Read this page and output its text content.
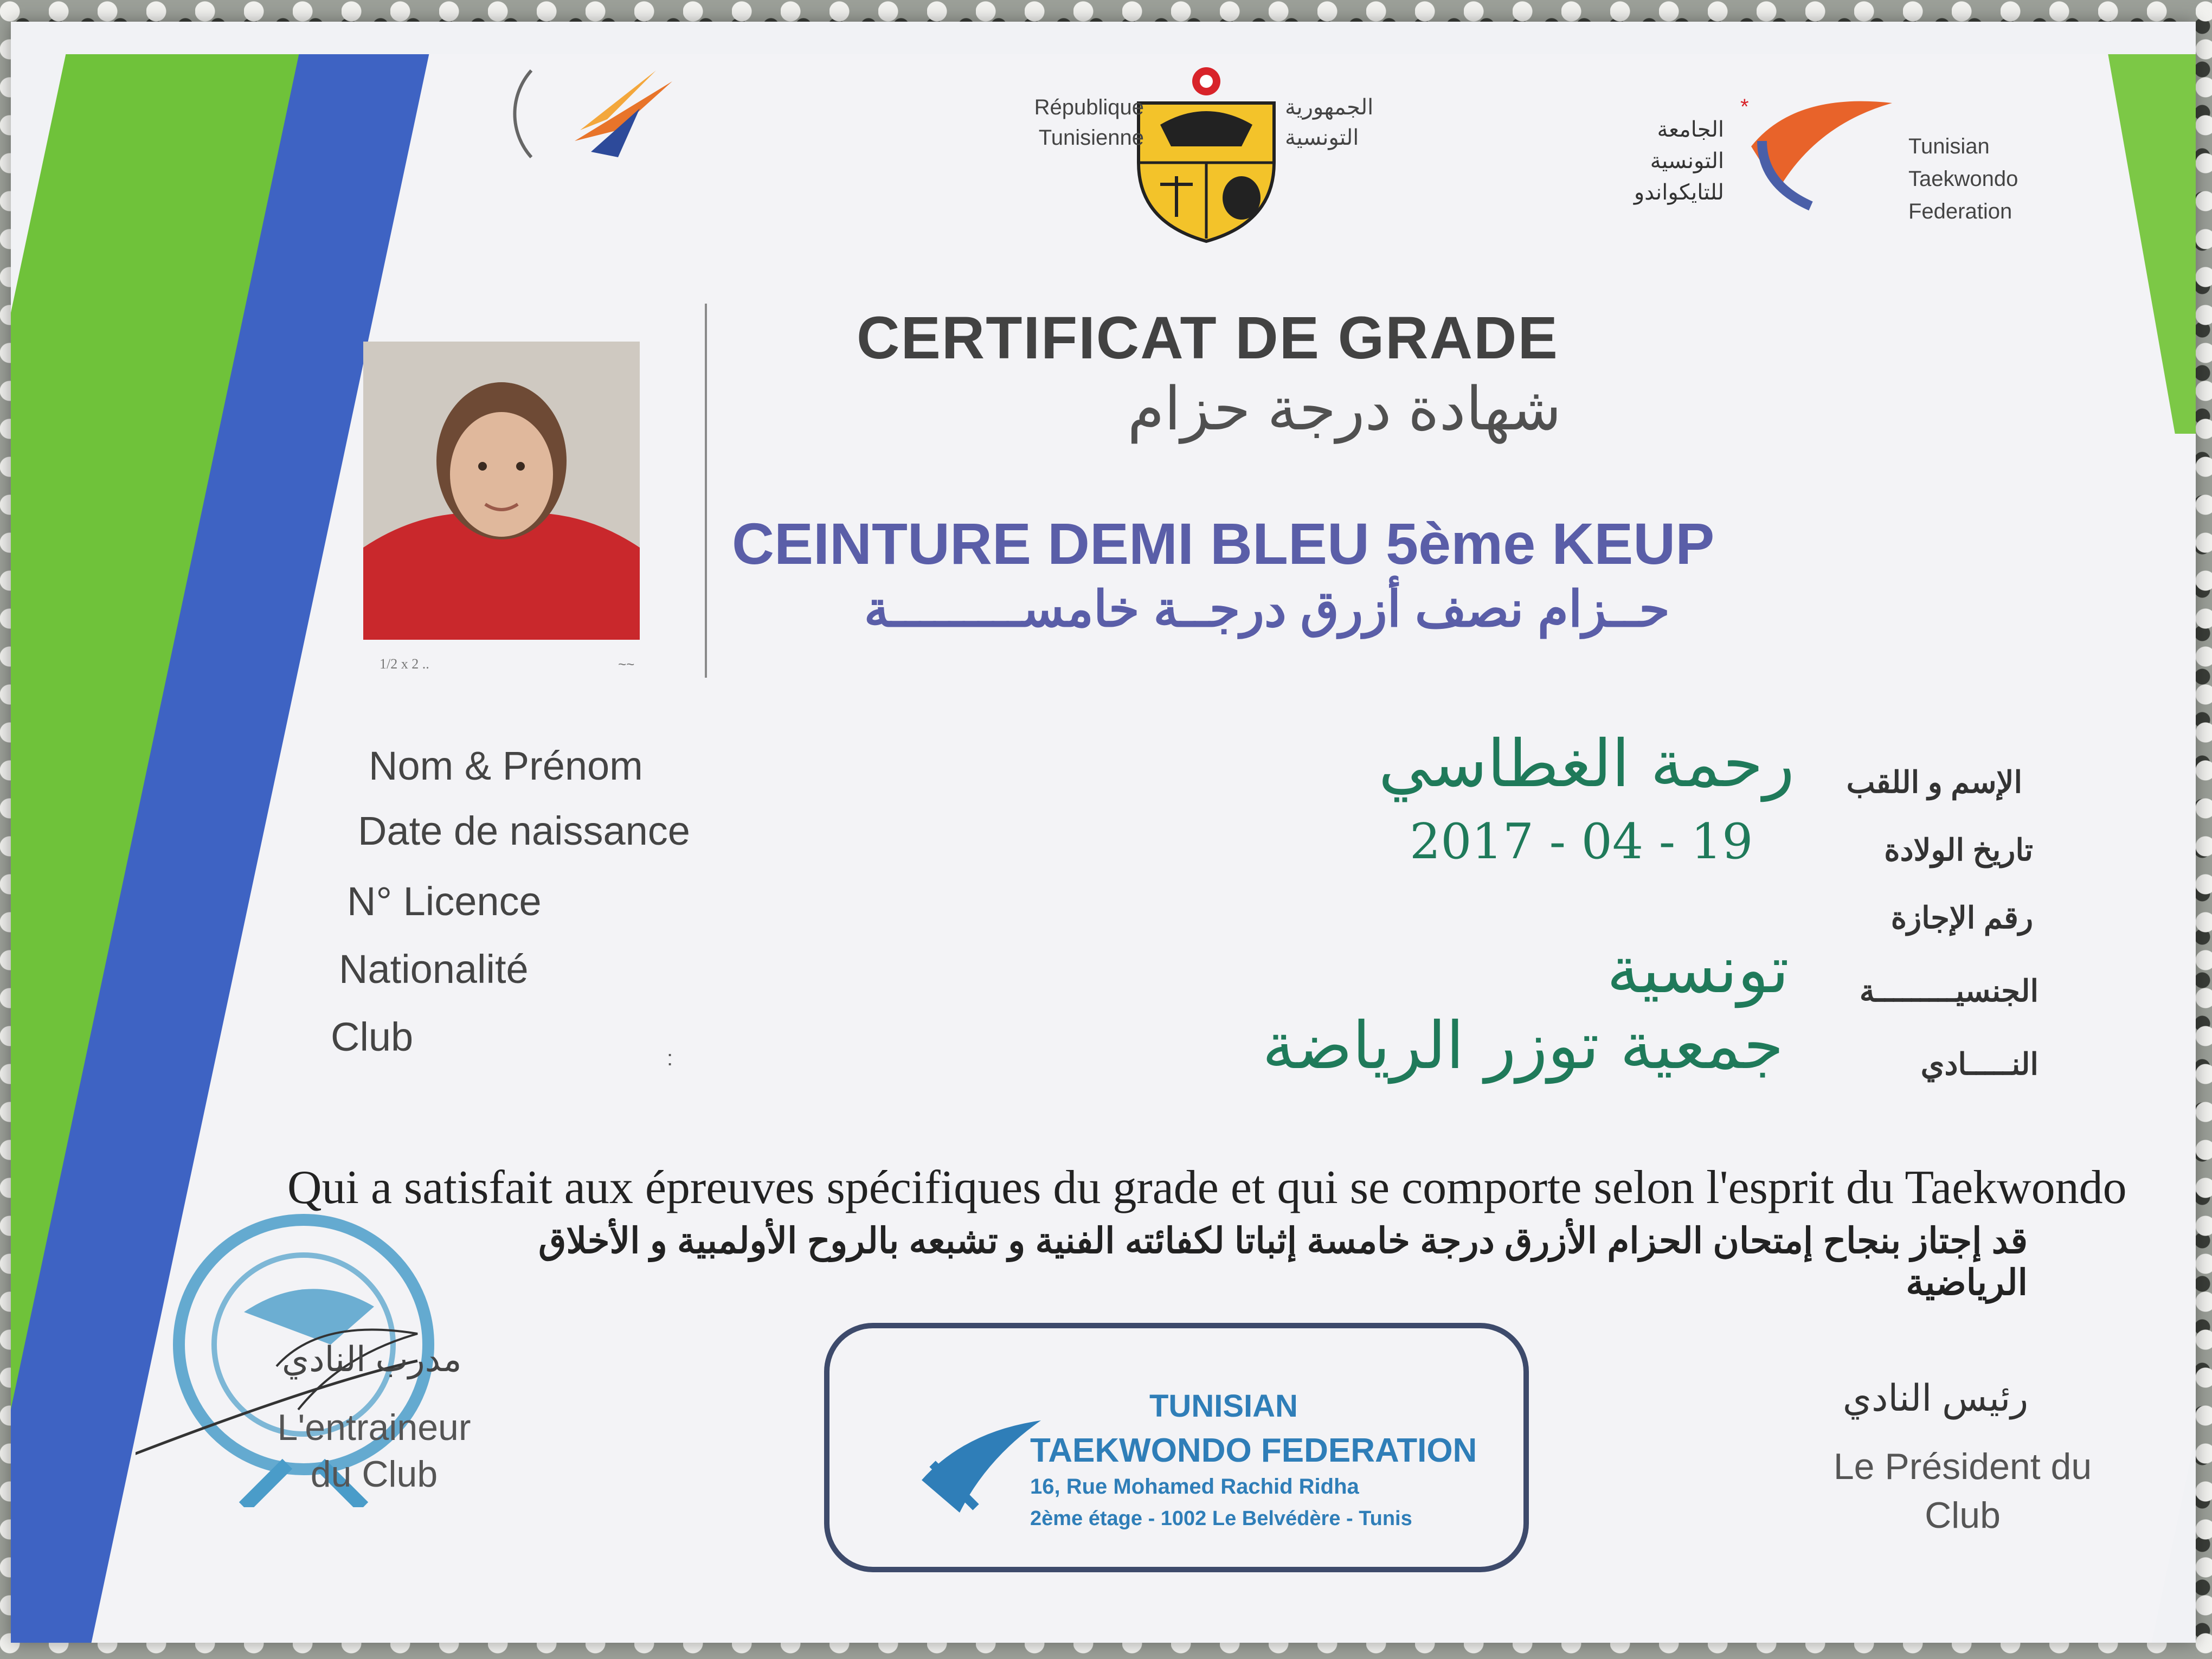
République
Tunisienne
الجمهورية
التونسية	الجامعة
التونسية
للتايكواندو
*
Tunisian
Taekwondo
Federation
1/2 x 2 ..	~~
CERTIFICAT DE GRADE
شهادة درجة حزام
CEINTURE DEMI BLEU 5ème KEUP
حــزام نصف أزرق درجــة خامســـــــــة
Nom & Prénom
Date de naissance
N° Licence
Nationalité
Club
الإسم و اللقب
تاريخ الولادة
رقم الإجازة
الجنسيـــــــــة
النـــــادي
رحمة الغطاسي
2017 - 04 - 19
تونسية
جمعية توزر الرياضة
:
Qui a satisfait aux épreuves spécifiques du grade et qui se comporte selon l'esprit du Taekwondo
قد إجتاز بنجاح إمتحان الحزام الأزرق درجة خامسة إثباتا لكفائته الفنية و تشبعه بالروح الأولمبية و الأخلاق الرياضية
مدرب النادي
L'entraineur
du Club
TUNISIAN
TAEKWONDO FEDERATION
16, Rue Mohamed Rachid Ridha
2ème étage - 1002 Le Belvédère - Tunis
رئيس النادي
Le Président du
Club
